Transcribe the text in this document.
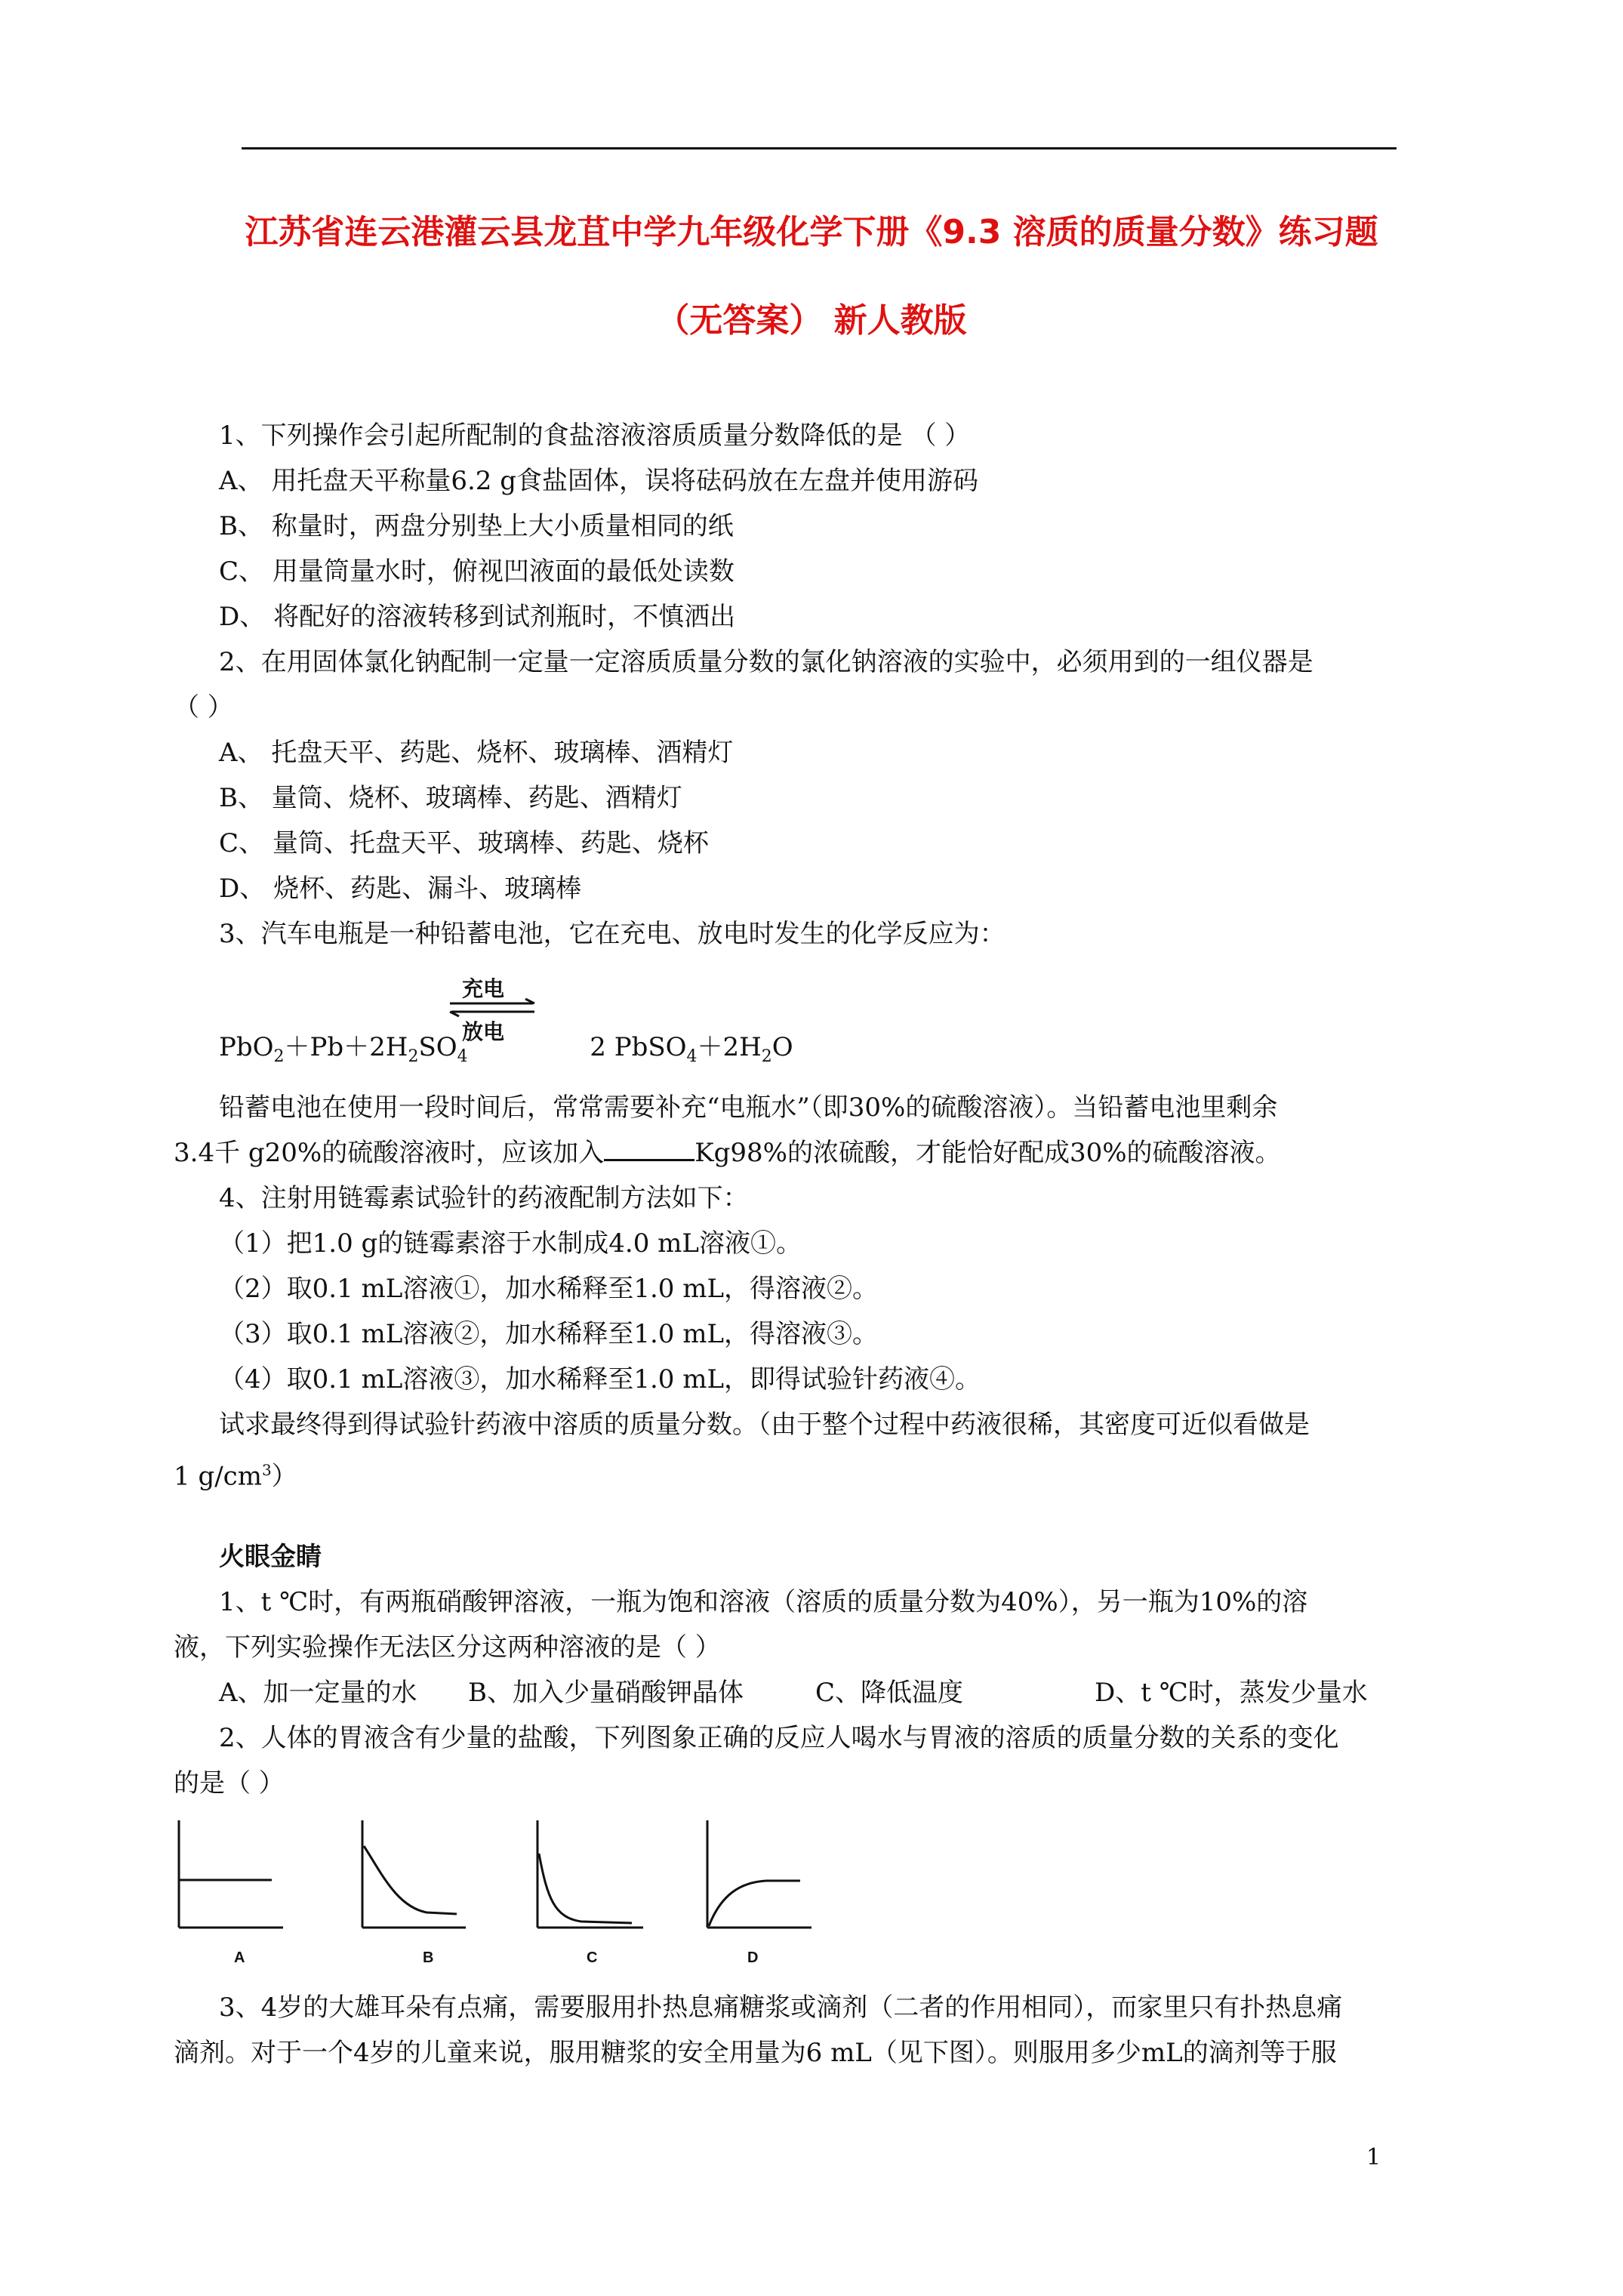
江苏省连云港灌云县龙苴中学九年级化学下册《9.3 溶质的质量分数》练习题
（无答案） 新人教版
1、下列操作会引起所配制的食盐溶液溶质质量分数降低的是 （ ）
A、 用托盘天平称量6.2 g食盐固体，误将砝码放在左盘并使用游码
B、 称量时，两盘分别垫上大小质量相同的纸
C、 用量筒量水时，俯视凹液面的最低处读数
D、 将配好的溶液转移到试剂瓶时，不慎洒出
2、在用固体氯化钠配制一定量一定溶质质量分数的氯化钠溶液的实验中，必须用到的一组仪器是
（ ）
A、 托盘天平、药匙、烧杯、玻璃棒、酒精灯
B、 量筒、烧杯、玻璃棒、药匙、酒精灯
C、 量筒、托盘天平、玻璃棒、药匙、烧杯
D、 烧杯、药匙、漏斗、玻璃棒
3、汽车电瓶是一种铅蓄电池，它在充电、放电时发生的化学反应为：
充电
放电
$PbO_2+Pb+2H_2SO_4$	2 $PbSO_4+2H_2O$
铅蓄电池在使用一段时间后，常常需要补充“电瓶水”（即30%的硫酸溶液）。当铅蓄电池里剩余
3.4千 g20%的硫酸溶液时，应该加入	Kg98%的浓硫酸，才能恰好配成30%的硫酸溶液。
4、注射用链霉素试验针的药液配制方法如下：
（1）把1.0 g的链霉素溶于水制成4.0 mL溶液①。
（2）取0.1 mL溶液①，加水稀释至1.0 mL，得溶液②。
（3）取0.1 mL溶液②，加水稀释至1.0 mL，得溶液③。
（4）取0.1 mL溶液③，加水稀释至1.0 mL，即得试验针药液④。
试求最终得到得试验针药液中溶质的质量分数。（由于整个过程中药液很稀，其密度可近似看做是
1 $g/cm^3$）
火眼金睛
1、t ℃时，有两瓶硝酸钾溶液，一瓶为饱和溶液（溶质的质量分数为40%），另一瓶为10%的溶
液，下列实验操作无法区分这两种溶液的是（ ）
A、加一定量的水 B、加入少量硝酸钾晶体	C、降低温度	D、t ℃时，蒸发少量水
2、人体的胃液含有少量的盐酸，下列图象正确的反应人喝水与胃液的溶质的质量分数的关系的变化
的是（ ）
A	B	C	D
3、4岁的大雄耳朵有点痛，需要服用扑热息痛糖浆或滴剂（二者的作用相同），而家里只有扑热息痛
滴剂。对于一个4岁的儿童来说，服用糖浆的安全用量为6 mL（见下图）。则服用多少mL的滴剂等于服
1
